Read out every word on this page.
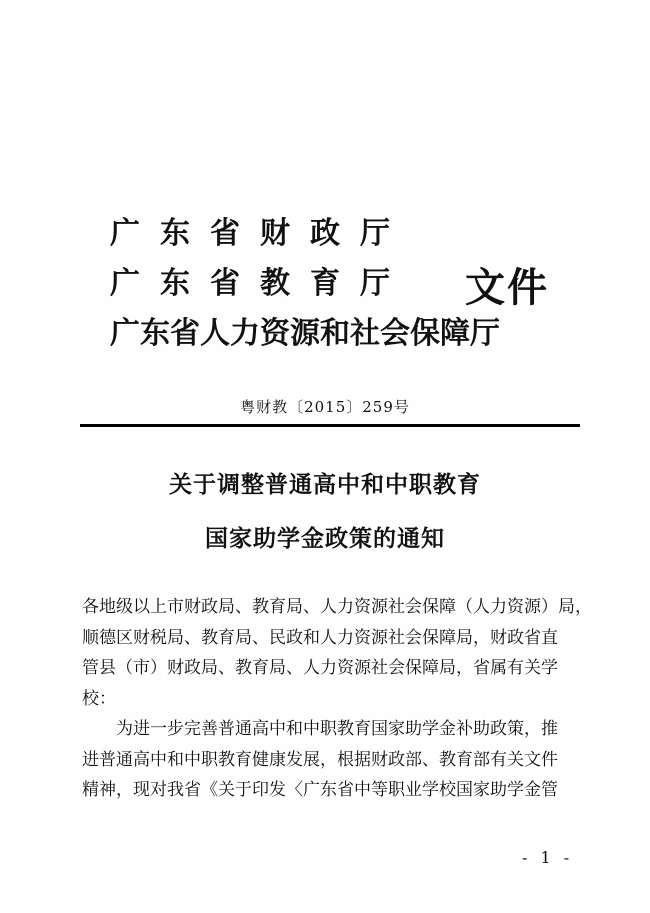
广东省财政厅
广东省教育厅
广东省人力资源和社会保障厅
文件
粤财教〔2015〕259号
关于调整普通高中和中职教育
国家助学金政策的通知

各地级以上市财政局、教育局、人力资源社会保障（人力资源）局，
顺德区财税局、教育局、民政和人力资源社会保障局，财政省直
管县（市）财政局、教育局、人力资源社会保障局，省属有关学
校：

为进一步完善普通高中和中职教育国家助学金补助政策，推
进普通高中和中职教育健康发展，根据财政部、教育部有关文件
精神，现对我省《关于印发〈广东省中等职业学校国家助学金管

- 1 -
